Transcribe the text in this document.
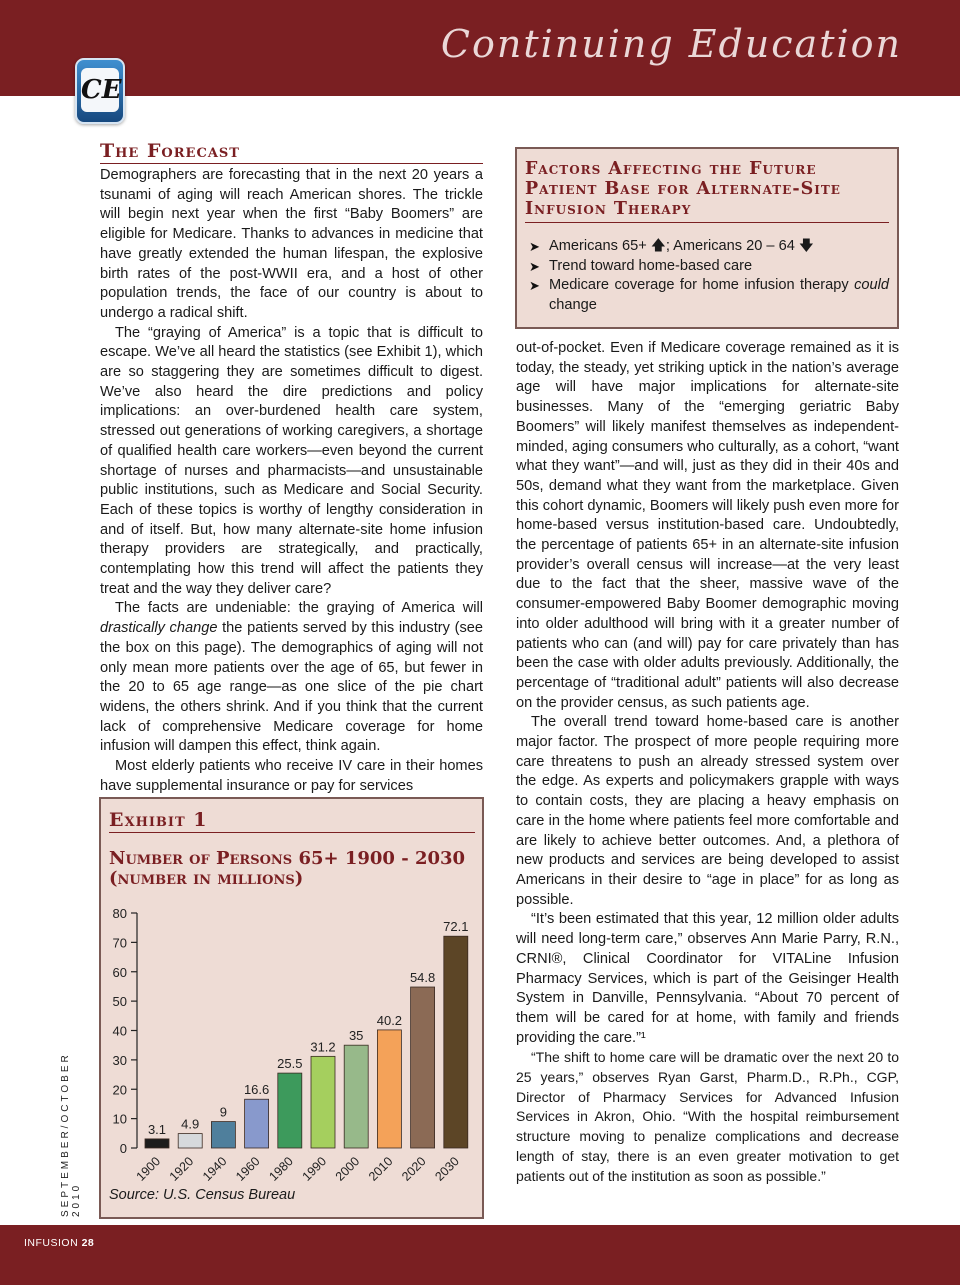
Continuing Education
CE
The Forecast

Demographers are forecasting that in the next 20 years a tsunami of aging will reach American shores. The trickle will begin next year when the first “Baby Boomers” are eligible for Medicare. Thanks to advances in medicine that have greatly extended the human lifespan, the explosive birth rates of the post-WWII era, and a host of other population trends, the face of our country is about to undergo a radical shift.

The “graying of America” is a topic that is difficult to escape. We’ve all heard the statistics (see Exhibit 1), which are so staggering they are sometimes difficult to digest. We’ve also heard the dire predictions and policy implications: an over-burdened health care system, stressed out generations of working caregivers, a shortage of qualified health care workers—even beyond the current shortage of nurses and pharmacists—and unsustainable public institutions, such as Medicare and Social Security. Each of these topics is worthy of lengthy consideration in and of itself. But, how many alternate-site home infusion therapy providers are strategically, and practically, contemplating how this trend will affect the patients they treat and the way they deliver care?

The facts are undeniable: the graying of America will drastically change the patients served by this industry (see the box on this page). The demographics of aging will not only mean more patients over the age of 65, but fewer in the 20 to 65 age range—as one slice of the pie chart widens, the others shrink. And if you think that the current lack of comprehensive Medicare coverage for home infusion will dampen this effect, think again.

Most elderly patients who receive IV care in their homes have supplemental insurance or pay for services

Factors Affecting the Future Patient Base for Alternate-Site Infusion Therapy
➤ Americans 65+ 🡅; Americans 20 – 64 🡇
➤ Trend toward home-based care
➤ Medicare coverage for home infusion therapy could change

out-of-pocket. Even if Medicare coverage remained as it is today, the steady, yet striking uptick in the nation’s average age will have major implications for alternate-site businesses. Many of the “emerging geriatric Baby Boomers” will likely manifest themselves as independent-minded, aging consumers who culturally, as a cohort, “want what they want”—and will, just as they did in their 40s and 50s, demand what they want from the marketplace. Given this cohort dynamic, Boomers will likely push even more for home-based versus institution-based care. Undoubtedly, the percentage of patients 65+ in an alternate-site infusion provider’s overall census will increase—at the very least due to the fact that the sheer, massive wave of the consumer-empowered Baby Boomer demographic moving into older adulthood will bring with it a greater number of patients who can (and will) pay for care privately than has been the case with older adults previously. Additionally, the percentage of “traditional adult” patients will also decrease on the provider census, as such patients age.

The overall trend toward home-based care is another major factor. The prospect of more people requiring more care threatens to push an already stressed system over the edge. As experts and policymakers grapple with ways to contain costs, they are placing a heavy emphasis on care in the home where patients feel more comfortable and are likely to achieve better outcomes. And, a plethora of new products and services are being developed to assist Americans in their desire to “age in place” for as long as possible.

“It’s been estimated that this year, 12 million older adults will need long-term care,” observes Ann Marie Parry, R.N., CRNI®, Clinical Coordinator for VITALine Infusion Pharmacy Services, which is part of the Geisinger Health System in Danville, Pennsylvania. “About 70 percent of them will be cared for at home, with family and friends providing the care.”¹

“The shift to home care will be dramatic over the next 20 to 25 years,” observes Ryan Garst, Pharm.D., R.Ph., CGP, Director of Pharmacy Services for Advanced Infusion Services in Akron, Ohio. “With the hospital reimbursement structure moving to penalize complications and decrease length of stay, there is an even greater motivation to get patients out of the institution as soon as possible.”

Exhibit 1
Number of Persons 65+ 1900 - 2030
(number in millions)
0
10
20
30
40
50
60
70
80
3.1
1900
4.9
1920
9
1940
16.6
1960
25.5
1980
31.2
1990
35
2000
40.2
2010
54.8
2020
72.1
2030
Source: U.S. Census Bureau
SEPTEMBER/OCTOBER 2010
INFUSION 28
